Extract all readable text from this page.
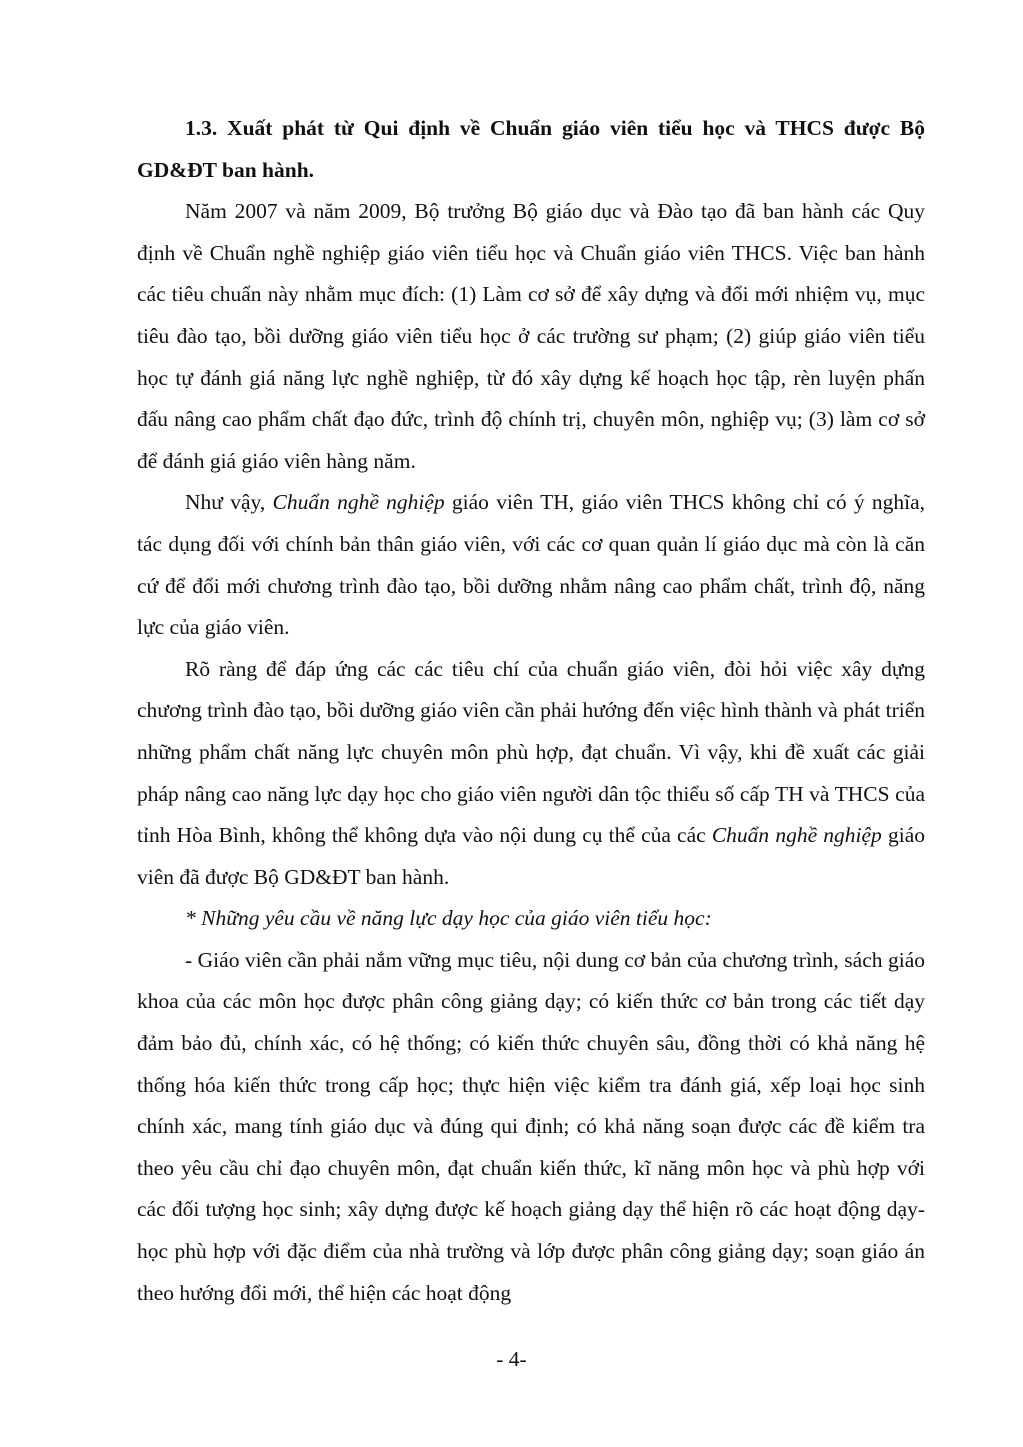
1.3. Xuất phát từ Qui định về Chuẩn giáo viên tiểu học và THCS được Bộ GD&ĐT ban hành.

Năm 2007 và năm 2009, Bộ trưởng Bộ giáo dục và Đào tạo đã ban hành các Quy định về Chuẩn nghề nghiệp giáo viên tiểu học và Chuẩn giáo viên THCS. Việc ban hành các tiêu chuẩn này nhằm mục đích: (1) Làm cơ sở để xây dựng và đổi mới nhiệm vụ, mục tiêu đào tạo, bồi dưỡng giáo viên tiểu học ở các trường sư phạm; (2) giúp giáo viên tiểu học tự đánh giá năng lực nghề nghiệp, từ đó xây dựng kế hoạch học tập, rèn luyện phấn đấu nâng cao phẩm chất đạo đức, trình độ chính trị, chuyên môn, nghiệp vụ; (3) làm cơ sở để đánh giá giáo viên hàng năm.

Như vậy, Chuẩn nghề nghiệp giáo viên TH, giáo viên THCS không chỉ có ý nghĩa, tác dụng đối với chính bản thân giáo viên, với các cơ quan quản lí giáo dục mà còn là căn cứ để đổi mới chương trình đào tạo, bồi dưỡng nhằm nâng cao phẩm chất, trình độ, năng lực của giáo viên.

Rõ ràng để đáp ứng các các tiêu chí của chuẩn giáo viên, đòi hỏi việc xây dựng chương trình đào tạo, bồi dưỡng giáo viên cần phải hướng đến việc hình thành và phát triển những phẩm chất năng lực chuyên môn phù hợp, đạt chuẩn. Vì vậy, khi đề xuất các giải pháp nâng cao năng lực dạy học cho giáo viên người dân tộc thiểu số cấp TH và THCS của tỉnh Hòa Bình, không thể không dựa vào nội dung cụ thể của các Chuẩn nghề nghiệp giáo viên đã được Bộ GD&ĐT ban hành.

* Những yêu cầu về năng lực dạy học của giáo viên tiểu học:

- Giáo viên cần phải nắm vững mục tiêu, nội dung cơ bản của chương trình, sách giáo khoa của các môn học được phân công giảng dạy; có kiến thức cơ bản trong các tiết dạy đảm bảo đủ, chính xác, có hệ thống; có kiến thức chuyên sâu, đồng thời có khả năng hệ thống hóa kiến thức trong cấp học; thực hiện việc kiểm tra đánh giá, xếp loại học sinh chính xác, mang tính giáo dục và đúng qui định; có khả năng soạn được các đề kiểm tra theo yêu cầu chỉ đạo chuyên môn, đạt chuẩn kiến thức, kĩ năng môn học và phù hợp với các đối tượng học sinh; xây dựng được kế hoạch giảng dạy thể hiện rõ các hoạt động dạy- học phù hợp với đặc điểm của nhà trường và lớp được phân công giảng dạy; soạn giáo án theo hướng đổi mới, thể hiện các hoạt động

- 4-
